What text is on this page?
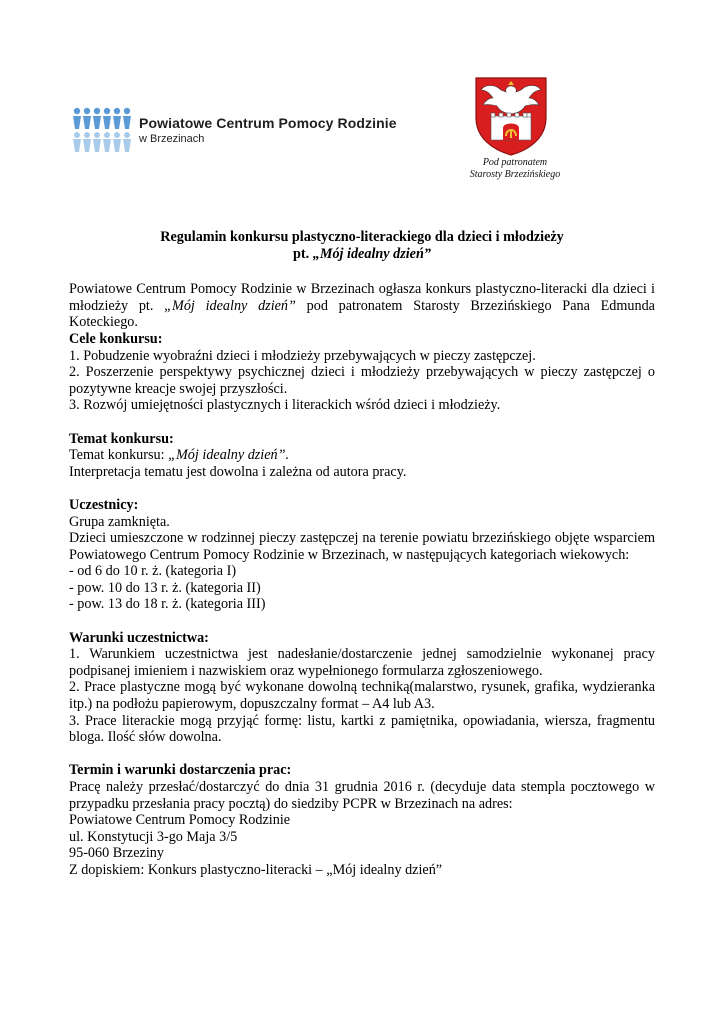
Powiatowe Centrum Pomocy Rodzinie
w Brzezinach
Pod patronatem
Starosty Brzezińskiego

Regulamin konkursu plastyczno-literackiego dla dzieci i młodzieży
pt. „Mój idealny dzień”

Powiatowe Centrum Pomocy Rodzinie w Brzezinach ogłasza konkurs plastyczno-literacki dla dzieci i młodzieży pt. „Mój idealny dzień” pod patronatem Starosty Brzezińskiego Pana Edmunda Koteckiego.

Cele konkursu:

1. Pobudzenie wyobraźni dzieci i młodzieży przebywających w pieczy zastępczej.

2. Poszerzenie perspektywy psychicznej dzieci i młodzieży przebywających w pieczy zastępczej o pozytywne kreacje swojej przyszłości.

3. Rozwój umiejętności plastycznych i literackich wśród dzieci i młodzieży.

Temat konkursu:

Temat konkursu: „Mój idealny dzień”.

Interpretacja tematu jest dowolna i zależna od autora pracy.

Uczestnicy:

Grupa zamknięta.

Dzieci umieszczone w rodzinnej pieczy zastępczej na terenie powiatu brzezińskiego objęte wsparciem Powiatowego Centrum Pomocy Rodzinie w Brzezinach, w następujących kategoriach wiekowych:

- od 6 do 10 r. ż. (kategoria I)

- pow. 10 do 13 r. ż. (kategoria II)

- pow. 13 do 18 r. ż. (kategoria III)

Warunki uczestnictwa:

1. Warunkiem uczestnictwa jest nadesłanie/dostarczenie jednej samodzielnie wykonanej pracy podpisanej imieniem i nazwiskiem oraz wypełnionego formularza zgłoszeniowego.

2. Prace plastyczne mogą być wykonane dowolną techniką(malarstwo, rysunek, grafika, wydzieranka itp.) na podłożu papierowym, dopuszczalny format – A4 lub A3.

3. Prace literackie mogą przyjąć formę: listu, kartki z pamiętnika, opowiadania, wiersza, fragmentu bloga. Ilość słów dowolna.

Termin i warunki dostarczenia prac:

Pracę należy przesłać/dostarczyć do dnia 31 grudnia 2016 r. (decyduje data stempla pocztowego w przypadku przesłania pracy pocztą) do siedziby PCPR w Brzezinach na adres:

Powiatowe Centrum Pomocy Rodzinie

ul. Konstytucji 3-go Maja 3/5

95-060 Brzeziny

Z dopiskiem: Konkurs plastyczno-literacki – „Mój idealny dzień”
